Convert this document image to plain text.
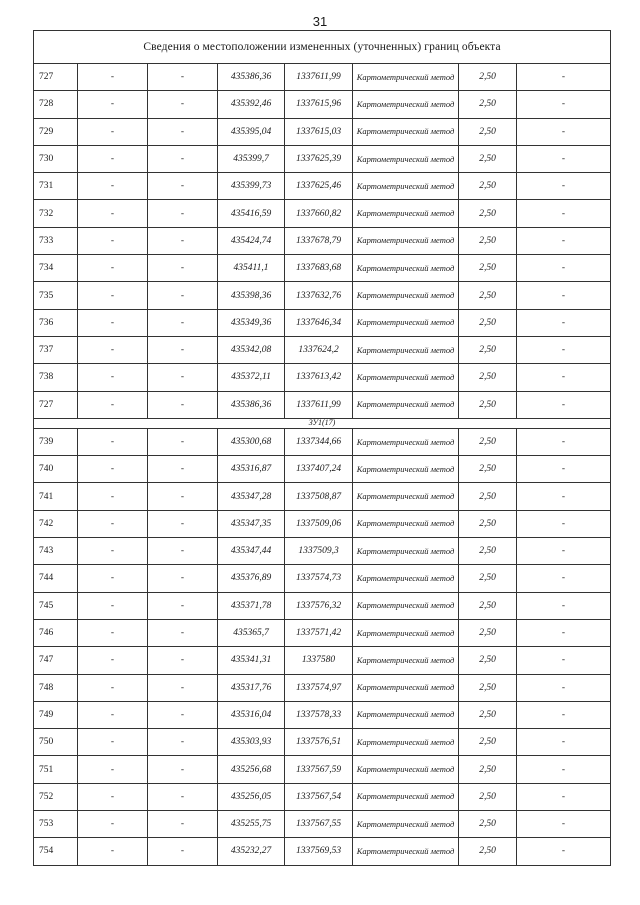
31
Сведения о местоположении измененных (уточненных) границ объекта							
727	-	-	435386,36	1337611,99	Картометрический метод	2,50	-
728	-	-	435392,46	1337615,96	Картометрический метод	2,50	-
729	-	-	435395,04	1337615,03	Картометрический метод	2,50	-
730	-	-	435399,7	1337625,39	Картометрический метод	2,50	-
731	-	-	435399,73	1337625,46	Картометрический метод	2,50	-
732	-	-	435416,59	1337660,82	Картометрический метод	2,50	-
733	-	-	435424,74	1337678,79	Картометрический метод	2,50	-
734	-	-	435411,1	1337683,68	Картометрический метод	2,50	-
735	-	-	435398,36	1337632,76	Картометрический метод	2,50	-
736	-	-	435349,36	1337646,34	Картометрический метод	2,50	-
737	-	-	435342,08	1337624,2	Картометрический метод	2,50	-
738	-	-	435372,11	1337613,42	Картометрический метод	2,50	-
727	-	-	435386,36	1337611,99	Картометрический метод	2,50	-
ЗУ1(17)							
739	-	-	435300,68	1337344,66	Картометрический метод	2,50	-
740	-	-	435316,87	1337407,24	Картометрический метод	2,50	-
741	-	-	435347,28	1337508,87	Картометрический метод	2,50	-
742	-	-	435347,35	1337509,06	Картометрический метод	2,50	-
743	-	-	435347,44	1337509,3	Картометрический метод	2,50	-
744	-	-	435376,89	1337574,73	Картометрический метод	2,50	-
745	-	-	435371,78	1337576,32	Картометрический метод	2,50	-
746	-	-	435365,7	1337571,42	Картометрический метод	2,50	-
747	-	-	435341,31	1337580	Картометрический метод	2,50	-
748	-	-	435317,76	1337574,97	Картометрический метод	2,50	-
749	-	-	435316,04	1337578,33	Картометрический метод	2,50	-
750	-	-	435303,93	1337576,51	Картометрический метод	2,50	-
751	-	-	435256,68	1337567,59	Картометрический метод	2,50	-
752	-	-	435256,05	1337567,54	Картометрический метод	2,50	-
753	-	-	435255,75	1337567,55	Картометрический метод	2,50	-
754	-	-	435232,27	1337569,53	Картометрический метод	2,50	-
